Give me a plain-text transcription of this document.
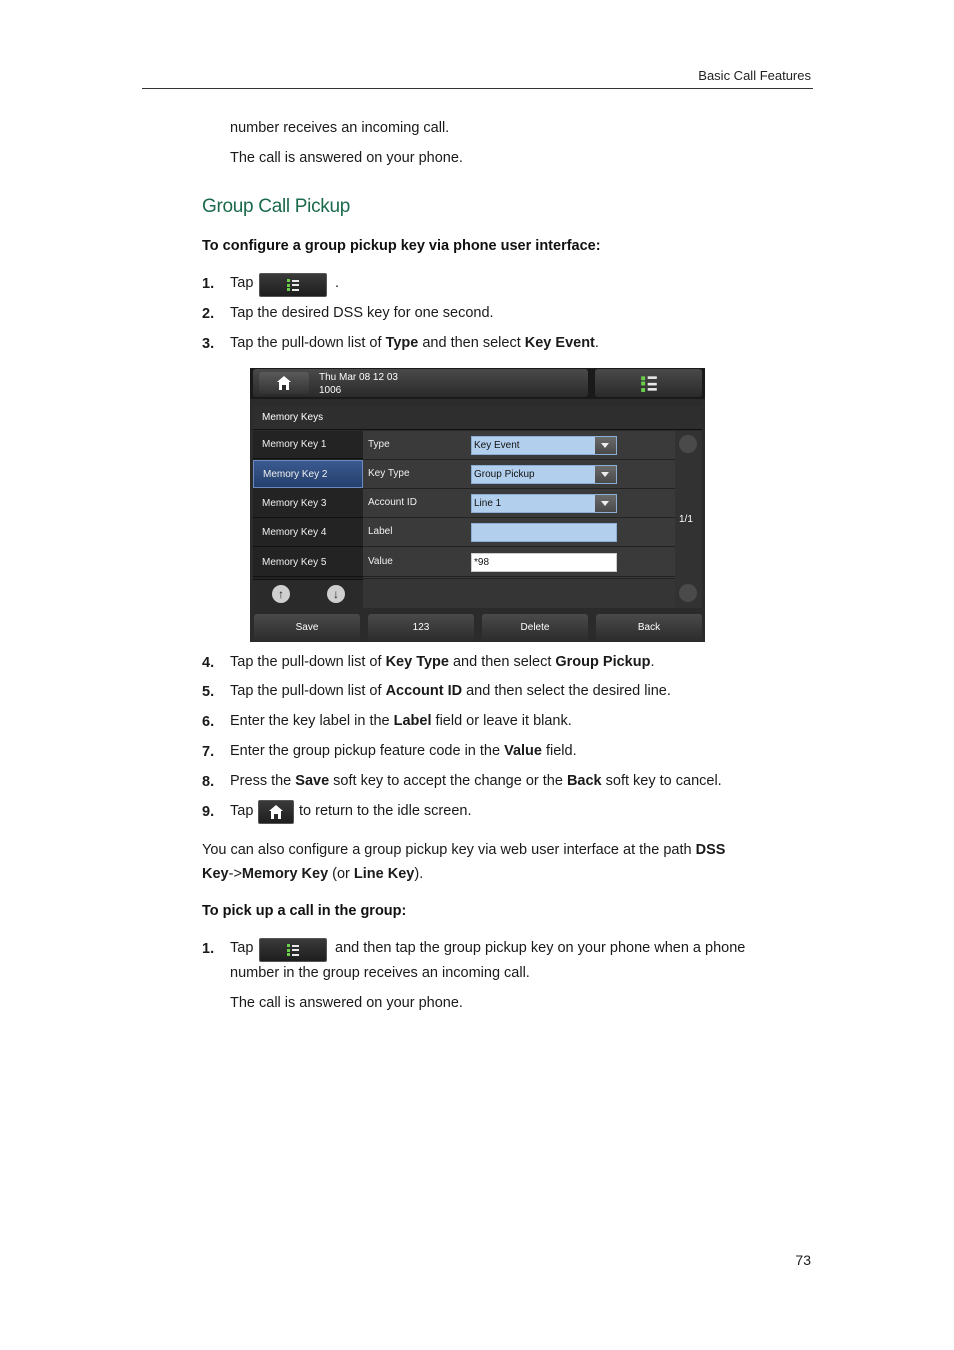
Basic Call Features
number receives an incoming call.
The call is answered on your phone.
Group Call Pickup
To configure a group pickup key via phone user interface:
1.	Tap	.
2.	Tap the desired DSS key for one second.
3.	Tap the pull-down list of Type and then select Key Event.
Thu Mar 08 12 03
1006
Memory Keys
Memory Key 1
Memory Key 2
Memory Key 3
Memory Key 4
Memory Key 5
↑	↓
Type	Key Event
Key Type	Group Pickup
Account ID	Line 1
Label
Value	*98
1/1
Save	123	Delete	Back
4.	Tap the pull-down list of Key Type and then select Group Pickup.
5.	Tap the pull-down list of Account ID and then select the desired line.
6.	Enter the key label in the Label field or leave it blank.
7.	Enter the group pickup feature code in the Value field.
8.	Press the Save soft key to accept the change or the Back soft key to cancel.
9.	Tap	to return to the idle screen.
You can also configure a group pickup key via web user interface at the path DSS
Key->Memory Key (or Line Key).
To pick up a call in the group:
1.	Tap	and then tap the group pickup key on your phone when a phone
number in the group receives an incoming call.
The call is answered on your phone.
73
